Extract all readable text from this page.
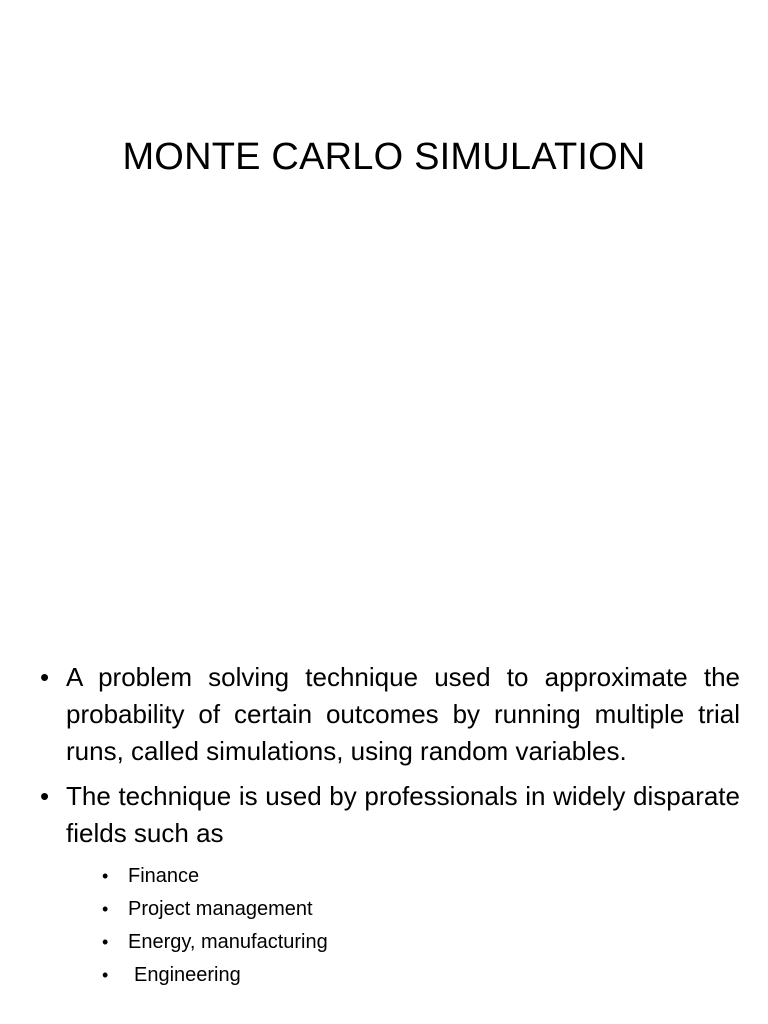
MONTE CARLO SIMULATION
• A problem solving technique used to approximate the probability of certain outcomes by running multiple trial runs, called simulations, using random variables.
• The technique is used by professionals in widely disparate fields such as
• Finance
• Project management
• Energy, manufacturing
• Engineering
